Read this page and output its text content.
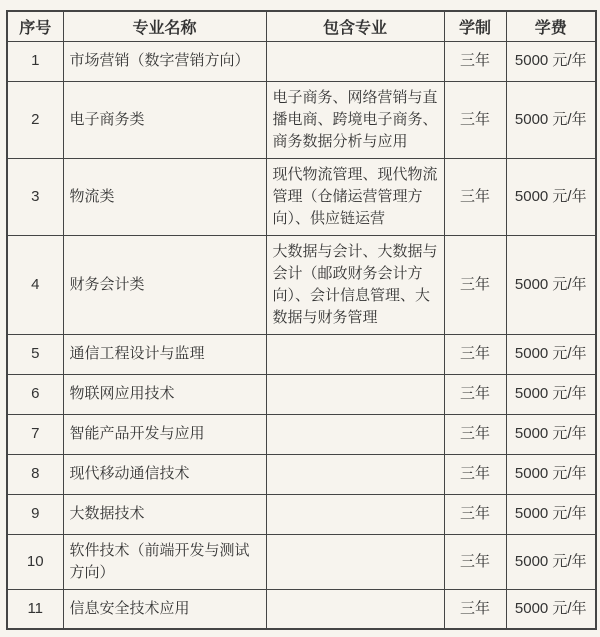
序号	专业名称	包含专业	学制	学费
1	市场营销（数字营销方向）		三年	5000 元/年
2	电子商务类	电子商务、网络营销与直播电商、跨境电子商务、商务数据分析与应用	三年	5000 元/年
3	物流类	现代物流管理、现代物流管理（仓储运营管理方向）、供应链运营	三年	5000 元/年
4	财务会计类	大数据与会计、大数据与会计（邮政财务会计方向）、会计信息管理、大数据与财务管理	三年	5000 元/年
5	通信工程设计与监理		三年	5000 元/年
6	物联网应用技术		三年	5000 元/年
7	智能产品开发与应用		三年	5000 元/年
8	现代移动通信技术		三年	5000 元/年
9	大数据技术		三年	5000 元/年
10	软件技术（前端开发与测试方向）		三年	5000 元/年
11	信息安全技术应用		三年	5000 元/年
